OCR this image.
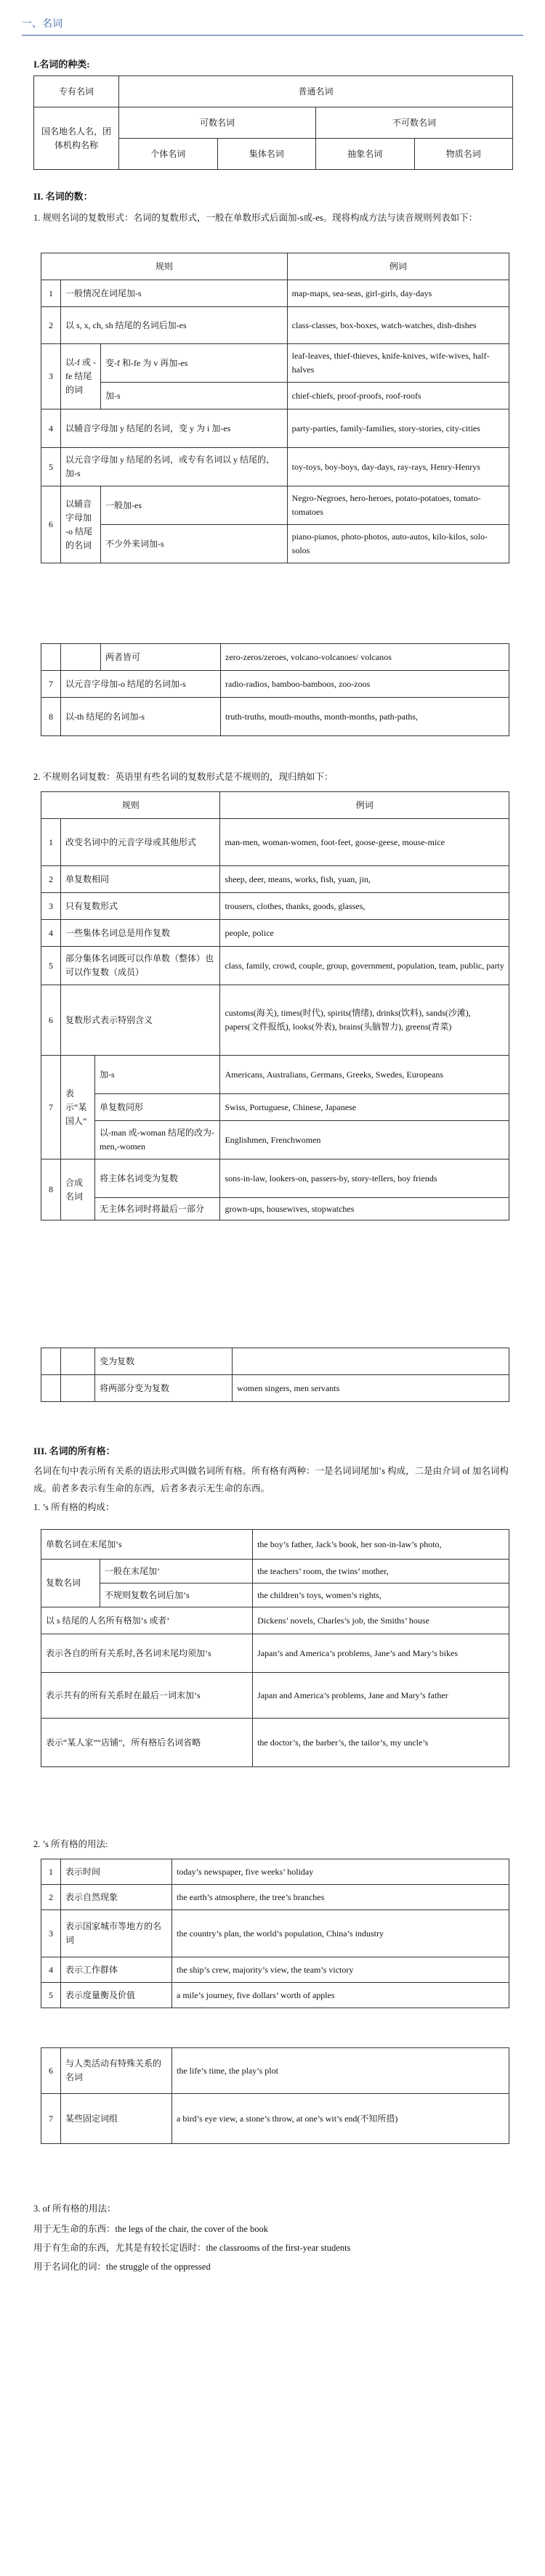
一、名词
I.名词的种类:
专有名词	普通名词			
国名地名人名，团体机构名称	可数名词		不可数名词	
	个体名词	集体名词	抽象名词	物质名词
II. 名词的数：
1. 规则名词的复数形式：名词的复数形式，一般在单数形式后面加-s或-es。现将构成方法与读音规则列表如下：
规则			例词
1	一般情况在词尾加-s		map-maps, sea-seas, girl-girls, day-days
2	以 s, x, ch, sh 结尾的名词后加-es		class-classes, box-boxes, watch-watches, dish-dishes
3	以-f 或 -fe 结尾的词	变-f 和-fe 为 v 再加-es	leaf-leaves, thief-thieves, knife-knives, wife-wives, half-halves
		加-s	chief-chiefs, proof-proofs, roof-roofs
4	以辅音字母加 y 结尾的名词，变 y 为 i 加-es		party-parties, family-families, story-stories, city-cities
5	以元音字母加 y 结尾的名词，或专有名词以 y 结尾的，加-s		toy-toys, boy-boys, day-days, ray-rays, Henry-Henrys
6	以辅音字母加 -o 结尾的名词	一般加-es	Negro-Negroes, hero-heroes, potato-potatoes, tomato-tomatoes
		不少外来词加-s	piano-pianos, photo-photos, auto-autos, kilo-kilos, solo-solos
		两者皆可	zero-zeros/zeroes, volcano-volcanoes/ volcanos
7	以元音字母加-o 结尾的名词加-s		radio-radios, bamboo-bamboos, zoo-zoos
8	以-th 结尾的名词加-s		truth-truths, mouth-mouths, month-months, path-paths,
2. 不规则名词复数：英语里有些名词的复数形式是不规则的，现归纳如下：
规则			例词
1	改变名词中的元音字母或其他形式		man-men, woman-women, foot-feet, goose-geese, mouse-mice
2	单复数相同		sheep, deer, means, works, fish, yuan, jin,
3	只有复数形式		trousers, clothes, thanks, goods, glasses,
4	一些集体名词总是用作复数		people, police
5	部分集体名词既可以作单数（整体）也可以作复数（成员）		class, family, crowd, couple, group, government, population, team, public, party
6	复数形式表示特别含义		customs(海关), times(时代), spirits(情绪), drinks(饮料), sands(沙滩), papers(文件报纸), looks(外表), brains(头脑智力), greens(青菜)
7	表示“某国人”	加-s	Americans, Australians, Germans, Greeks, Swedes, Europeans
		单复数同形	Swiss, Portuguese, Chinese, Japanese
		以-man 或-woman 结尾的改为-men,-women	Englishmen, Frenchwomen
8	合成名词	将主体名词变为复数	sons-in-law, lookers-on, passers-by, story-tellers, boy friends
		无主体名词时将最后一部分	grown-ups, housewives, stopwatches
		变为复数	
		将两部分变为复数	women singers, men servants
III. 名词的所有格：
名词在句中表示所有关系的语法形式叫做名词所有格。所有格有两种：一是名词词尾加’s 构成，二是由介词 of 加名词构成。前者多表示有生命的东西，后者多表示无生命的东西。
1. ’s 所有格的构成：
单数名词在末尾加’s		the boy’s father, Jack’s book, her son-in-law’s photo,
复数名词	一般在末尾加’	the teachers’ room, the twins’ mother,
	不规则复数名词后加’s	the children’s toys, women’s rights,
以 s 结尾的人名所有格加’s 或者’		Dickens’ novels, Charles’s job, the Smiths’ house
表示各自的所有关系时,各名词末尾均须加’s		Japan’s and America’s problems, Jane’s and Mary’s bikes
表示共有的所有关系时在最后一词末加’s		Japan and America’s problems, Jane and Mary’s father
表示“某人家”“店铺”，所有格后名词省略		the doctor’s, the barber’s, the tailor’s, my uncle’s
2. ’s 所有格的用法:
1	表示时间	today’s newspaper, five weeks’ holiday
2	表示自然现象	the earth’s atmosphere, the tree’s branches
3	表示国家城市等地方的名词	the country’s plan, the world’s population, China’s industry
4	表示工作群体	the ship’s crew, majority’s view, the team’s victory
5	表示度量衡及价值	a mile’s journey, five dollars’ worth of apples
6	与人类活动有特殊关系的名词	the life’s time, the play’s plot
7	某些固定词组	a bird’s eye view, a stone’s throw, at one’s wit’s end(不知所措)
3. of 所有格的用法：
用于无生命的东西：the legs of the chair, the cover of the book
用于有生命的东西，尤其是有较长定语时：the classrooms of the first-year students
用于名词化的词：the struggle of the oppressed
